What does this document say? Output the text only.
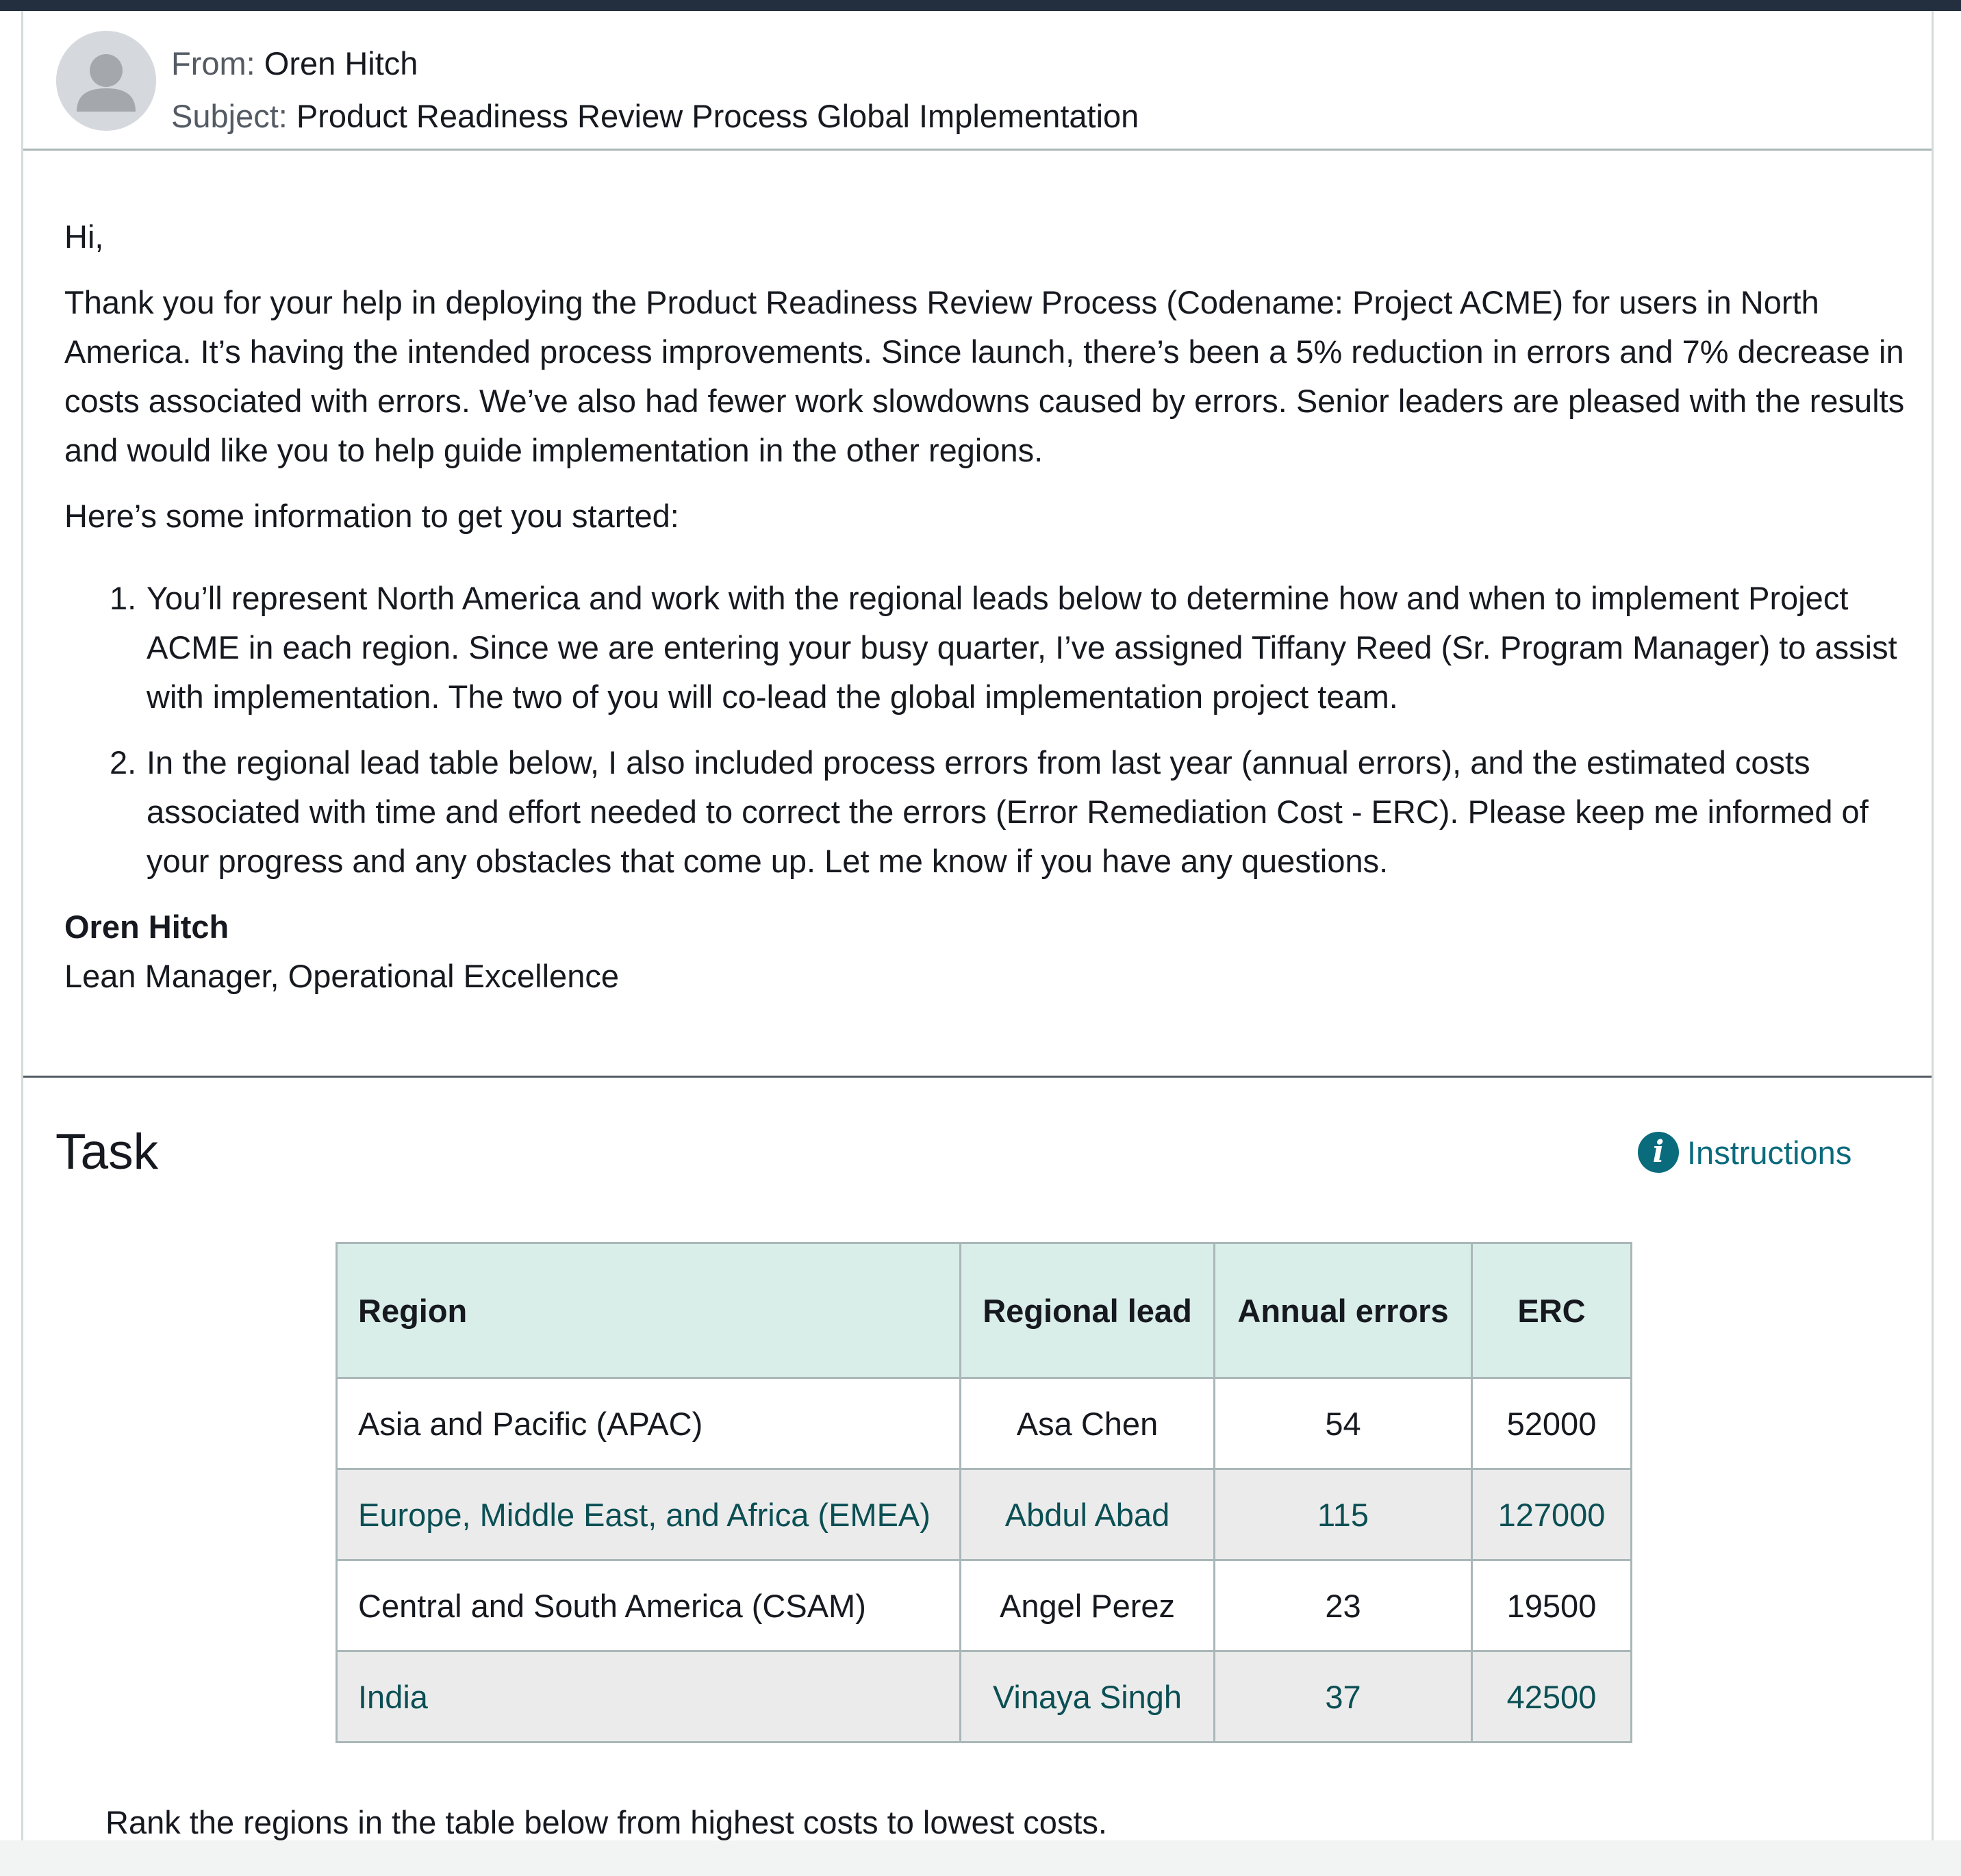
From: Oren Hitch
Subject: Product Readiness Review Process Global Implementation

Hi,

Thank you for your help in deploying the Product Readiness Review Process (Codename: Project ACME) for users in North America. It’s having the intended process improvements. Since launch, there’s been a 5% reduction in errors and 7% decrease in costs associated with errors. We’ve also had fewer work slowdowns caused by errors. Senior leaders are pleased with the results and would like you to help guide implementation in the other regions.

Here’s some information to get you started:

1. You’ll represent North America and work with the regional leads below to determine how and when to implement Project ACME in each region. Since we are entering your busy quarter, I’ve assigned Tiffany Reed (Sr. Program Manager) to assist with implementation. The two of you will co-lead the global implementation project team.
2. In the regional lead table below, I also included process errors from last year (annual errors), and the estimated costs associated with time and effort needed to correct the errors (Error Remediation Cost - ERC). Please keep me informed of your progress and any obstacles that come up. Let me know if you have any questions.
Oren Hitch
Lean Manager, Operational Excellence
Task	i Instructions
Region	Regional lead	Annual errors	ERC
Asia and Pacific (APAC)	Asa Chen	54	52000
Europe, Middle East, and Africa (EMEA)	Abdul Abad	115	127000
Central and South America (CSAM)	Angel Perez	23	19500
India	Vinaya Singh	37	42500
Rank the regions in the table below from highest costs to lowest costs.
